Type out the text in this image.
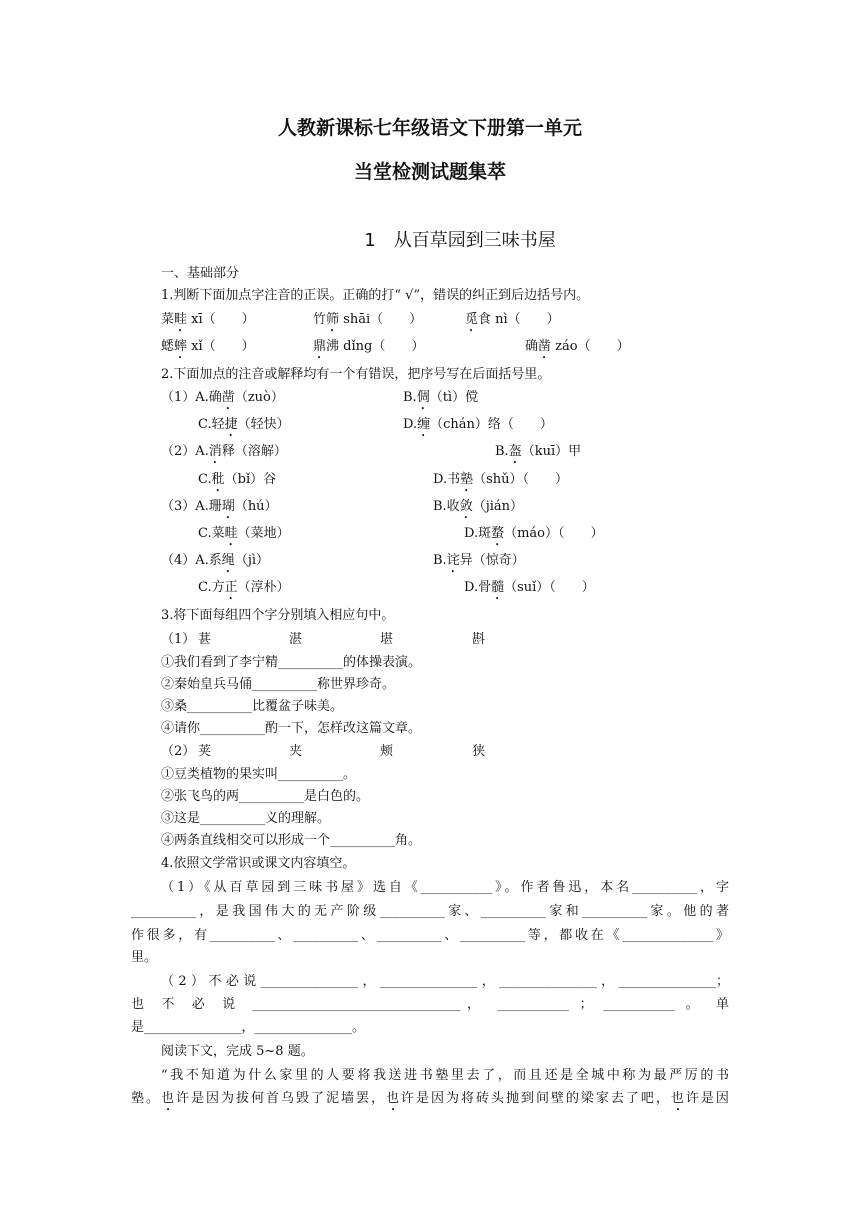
人教新课标七年级语文下册第一单元
当堂检测试题集萃
1　从百草园到三味书屋
一、基础部分
1.判断下面加点字注音的正误。正确的打“ √”，错误的纠正到后边括号内。
菜畦 xī（　　）	竹筛 shāi（　　）	觅食 nì（　　）
蟋蟀 xǐ（　　）	鼎沸 dǐng（　　）	确凿 záo（　　）
2.下面加点的注音或解释均有一个有错误，把序号写在后面括号里。
（1）A.确凿（zuò）	B.倜（tì）傥
C.轻捷（轻快）	D.缠（chán）络（　　）
（2）A.消释（溶解）	B.盔（kuī）甲
C.秕（bǐ）谷	D.书塾（shǔ）（　　）
（3）A.珊瑚（hú）	B.收敛（jián）
C.菜畦（菜地）	D.斑蝥（máo）（　　）
（4）A.系绳（jì）	B.诧异（惊奇）
C.方正（淳朴）	D.骨髓（suǐ）（　　）
3.将下面每组四个字分别填入相应句中。
（1） 葚	湛	堪	斟
①我们看到了李宁精__________的体操表演。
②秦始皇兵马俑__________称世界珍奇。
③桑__________比覆盆子味美。
④请你__________酌一下，怎样改这篇文章。
（2） 荚	夹	颊	狭
①豆类植物的果实叫__________。
②张飞鸟的两__________是白色的。
③这是__________义的理解。
④两条直线相交可以形成一个__________角。
4.依照文学常识或课文内容填空。
（1）《从百草园到三味书屋》选自《___________》。作者鲁迅，本名__________，字
__________，是我国伟大的无产阶级__________家、__________家和__________家。他的著
作很多，有__________、__________、__________、__________等，都收在《______________》
里。
（2）不必说_______________，_______________，_______________，_______________；
也 不 必 说 ________________________________， ___________ ； ___________ 。 单
是_______________，_______________。
阅读下文，完成 5~8 题。
“我不知道为什么家里的人要将我送进书塾里去了，而且还是全城中称为最严厉的书
塾。也许是因为拔何首乌毁了泥墙罢，也许是因为将砖头抛到间壁的梁家去了吧，也许是因
